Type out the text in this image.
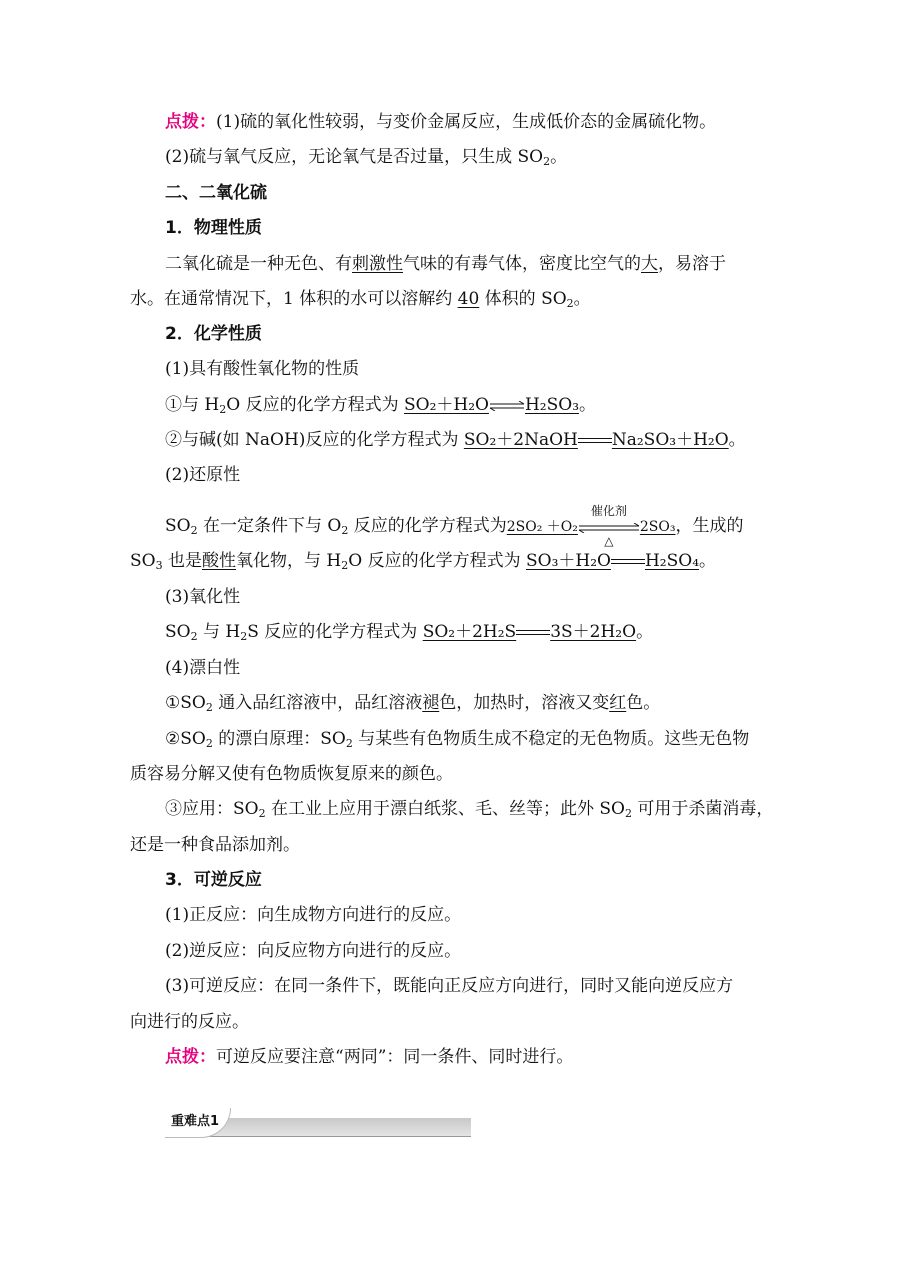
点拨：(1)硫的氧化性较弱，与变价金属反应，生成低价态的金属硫化物。
(2)硫与氧气反应，无论氧气是否过量，只生成 $SO_2$。
二、二氧化硫
1．物理性质
二氧化硫是一种无色、有刺激性气味的有毒气体，密度比空气的大，易溶于
水。在通常情况下，1 体积的水可以溶解约 40 体积的 $SO_2$。
2．化学性质
(1)具有酸性氧化物的性质
①与 $H_2O$ 反应的化学方程式为 SO₂＋H₂O⇌H₂SO₃。
②与碱(如 NaOH)反应的化学方程式为 SO₂＋2NaOH Na₂SO₃＋H₂O。
(2)还原性
$SO_2$ 在一定条件下与 $O_2$ 反应的化学方程式为2SO₂ ＋O₂
催化剂
△
2SO₃，生成的
$SO_3$ 也是酸性氧化物，与 $H_2O$ 反应的化学方程式为 SO₃＋H₂O H₂SO₄。
(3)氧化性
$SO_2$ 与 $H_2S$ 反应的化学方程式为 SO₂＋2H₂S 3S＋2H₂O。
(4)漂白性
$①SO_2$ 通入品红溶液中，品红溶液褪色，加热时，溶液又变红色。
$②SO_2$ 的漂白原理：$SO_2$ 与某些有色物质生成不稳定的无色物质。这些无色物
质容易分解又使有色物质恢复原来的颜色。
③应用：$SO_2$ 在工业上应用于漂白纸浆、毛、丝等；此外 $SO_2$ 可用于杀菌消毒，
还是一种食品添加剂。
3．可逆反应
(1)正反应：向生成物方向进行的反应。
(2)逆反应：向反应物方向进行的反应。
(3)可逆反应：在同一条件下，既能向正反应方向进行，同时又能向逆反应方
向进行的反应。
点拨：可逆反应要注意“两同”：同一条件、同时进行。
重难点1
